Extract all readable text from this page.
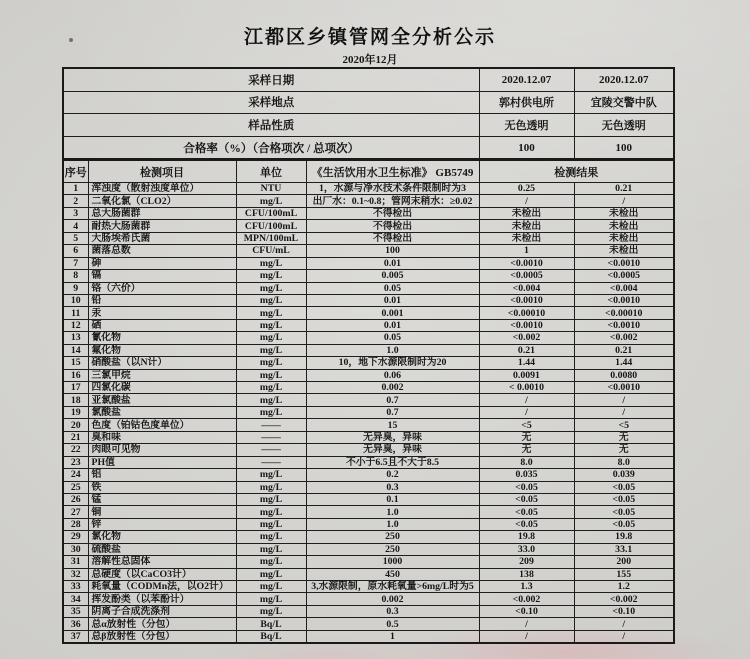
江都区乡镇管网全分析公示
2020年12月
采样日期	2020.12.07	2020.12.07
采样地点	郭村供电所	宜陵交警中队
样品性质	无色透明	无色透明
合格率（%）（合格项次 / 总项次）	100	100
序号	检测项目	单位	《生活饮用水卫生标准》 GB5749	检测结果	
1	浑浊度（散射浊度单位）	NTU	1，水源与净水技术条件限制时为3	0.25	0.21
2	二氧化氯（CLO2）	mg/L	出厂水：0.1~0.8；管网末稍水：≥0.02	/	/
3	总大肠菌群	CFU/100mL	不得检出	未检出	未检出
4	耐热大肠菌群	CFU/100mL	不得检出	未检出	未检出
5	大肠埃希氏菌	MPN/100mL	不得检出	未检出	未检出
6	菌落总数	CFU/mL	100	1	未检出
7	砷	mg/L	0.01	<0.0010	<0.0010
8	镉	mg/L	0.005	<0.0005	<0.0005
9	铬（六价）	mg/L	0.05	<0.004	<0.004
10	铅	mg/L	0.01	<0.0010	<0.0010
11	汞	mg/L	0.001	<0.00010	<0.00010
12	硒	mg/L	0.01	<0.0010	<0.0010
13	氰化物	mg/L	0.05	<0.002	<0.002
14	氟化物	mg/L	1.0	0.21	0.21
15	硝酸盐（以N计）	mg/L	10，地下水源限制时为20	1.44	1.44
16	三氯甲烷	mg/L	0.06	0.0091	0.0080
17	四氯化碳	mg/L	0.002	< 0.0010	<0.0010
18	亚氯酸盐	mg/L	0.7	/	/
19	氯酸盐	mg/L	0.7	/	/
20	色度（铂钴色度单位）	——	15	<5	<5
21	臭和味	——	无异臭，异味	无	无
22	肉眼可见物	——	无异臭，异味	无	无
23	PH值	——	不小于6.5且不大于8.5	8.0	8.0
24	铝	mg/L	0.2	0.035	0.039
25	铁	mg/L	0.3	<0.05	<0.05
26	锰	mg/L	0.1	<0.05	<0.05
27	铜	mg/L	1.0	<0.05	<0.05
28	锌	mg/L	1.0	<0.05	<0.05
29	氯化物	mg/L	250	19.8	19.8
30	硫酸盐	mg/L	250	33.0	33.1
31	溶解性总固体	mg/L	1000	209	200
32	总硬度（以CaCO3计）	mg/L	450	138	155
33	耗氧量（CODMn法，以O2计）	mg/L	3,水源限制，原水耗氧量>6mg/L时为5	1.3	1.2
34	挥发酚类（以苯酚计）	mg/L	0.002	<0.002	<0.002
35	阴离子合成洗涤剂	mg/L	0.3	<0.10	<0.10
36	总α放射性（分包）	Bq/L	0.5	/	/
37	总β放射性（分包）	Bq/L	1	/	/
